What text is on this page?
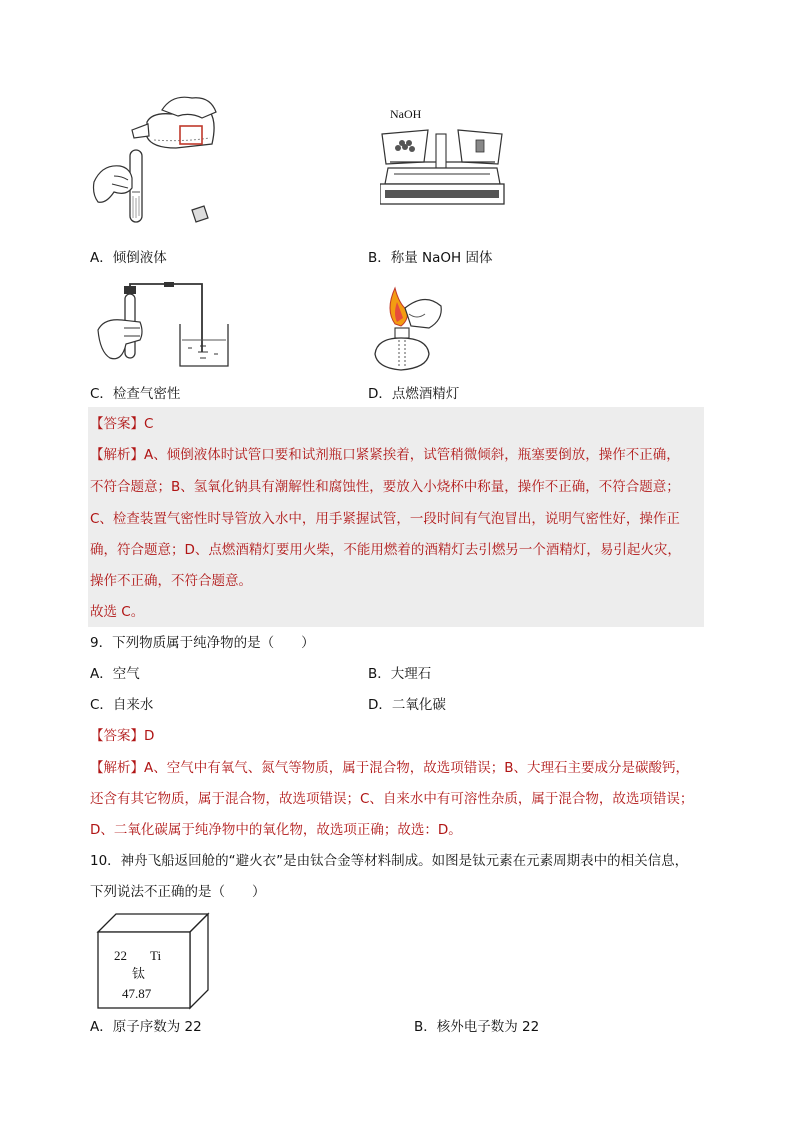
NaOH
A．倾倒液体	B．称量 NaOH 固体
C．检查气密性	D．点燃酒精灯
【答案】C
【解析】A、倾倒液体时试管口要和试剂瓶口紧紧挨着，试管稍微倾斜，瓶塞要倒放，操作不正确，
不符合题意；B、氢氧化钠具有潮解性和腐蚀性，要放入小烧杯中称量，操作不正确，不符合题意；
C、检查装置气密性时导管放入水中，用手紧握试管，一段时间有气泡冒出，说明气密性好，操作正
确，符合题意；D、点燃酒精灯要用火柴，不能用燃着的酒精灯去引燃另一个酒精灯，易引起火灾，
操作不正确，不符合题意。
故选 C。
9．下列物质属于纯净物的是（　　）
A．空气	B．大理石
C．自来水	D．二氧化碳
【答案】D
【解析】A、空气中有氧气、氮气等物质，属于混合物，故选项错误；B、大理石主要成分是碳酸钙，
还含有其它物质，属于混合物，故选项错误；C、自来水中有可溶性杂质，属于混合物，故选项错误；
D、二氧化碳属于纯净物中的氧化物，故选项正确；故选：D。
10．神舟飞船返回舱的“避火衣”是由钛合金等材料制成。如图是钛元素在元素周期表中的相关信息，
下列说法不正确的是（　　）
22 Ti
钛
47.87
A．原子序数为 22	B．核外电子数为 22
